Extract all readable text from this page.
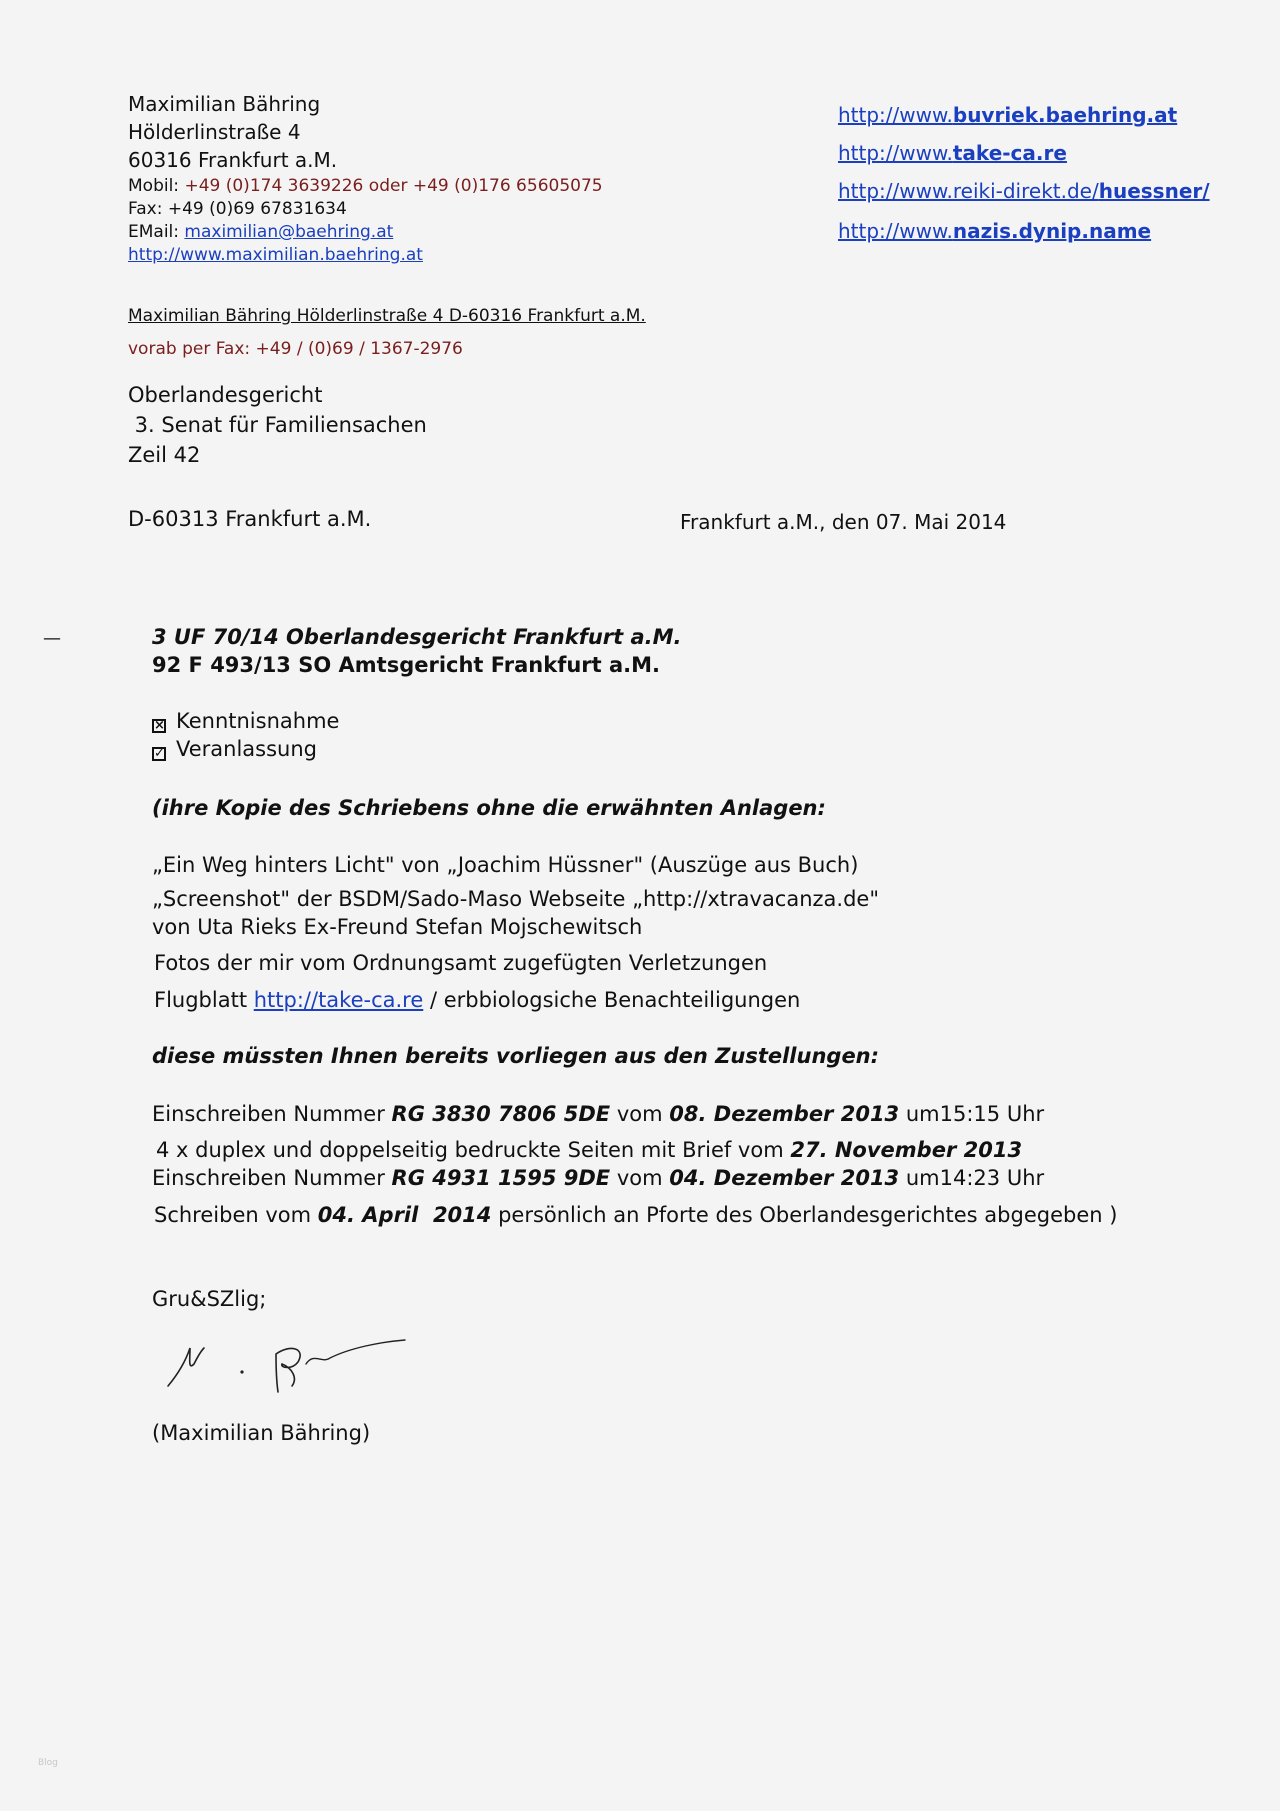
Maximilian Bähring
Hölderlinstraße 4
60316 Frankfurt a.M.
Mobil: +49 (0)174 3639226 oder +49 (0)176 65605075
Fax: +49 (0)69 67831634
EMail: maximilian@baehring.at
http://www.maximilian.baehring.at
http://www.buvriek.baehring.at
http://www.take-ca.re
http://www.reiki-direkt.de/huessner/
http://www.nazis.dynip.name
Maximilian Bähring Hölderlinstraße 4 D-60316 Frankfurt a.M.
vorab per Fax: +49 / (0)69 / 1367-2976
Oberlandesgericht
3. Senat für Familiensachen
Zeil 42
D-60313 Frankfurt a.M.	Frankfurt a.M., den 07. Mai 2014
—	3 UF 70/14 Oberlandesgericht Frankfurt a.M.
92 F 493/13 SO Amtsgericht Frankfurt a.M.
× Kenntnisnahme
✓ Veranlassung
(ihre Kopie des Schriebens ohne die erwähnten Anlagen:
„Ein Weg hinters Licht" von „Joachim Hüssner" (Auszüge aus Buch)
„Screenshot" der BSDM/Sado-Maso Webseite „http://xtravacanza.de"
von Uta Rieks Ex-Freund Stefan Mojschewitsch
Fotos der mir vom Ordnungsamt zugefügten Verletzungen
Flugblatt http://take-ca.re / erbbiologsiche Benachteiligungen
diese müssten Ihnen bereits vorliegen aus den Zustellungen:
Einschreiben Nummer RG 3830 7806 5DE vom 08. Dezember 2013 um15:15 Uhr
4 x duplex und doppelseitig bedruckte Seiten mit Brief vom 27. November 2013
Einschreiben Nummer RG 4931 1595 9DE vom 04. Dezember 2013 um14:23 Uhr
Schreiben vom 04. April  2014 persönlich an Pforte des Oberlandesgerichtes abgegeben )
Gru&SZlig;
(Maximilian Bähring)
Blog
